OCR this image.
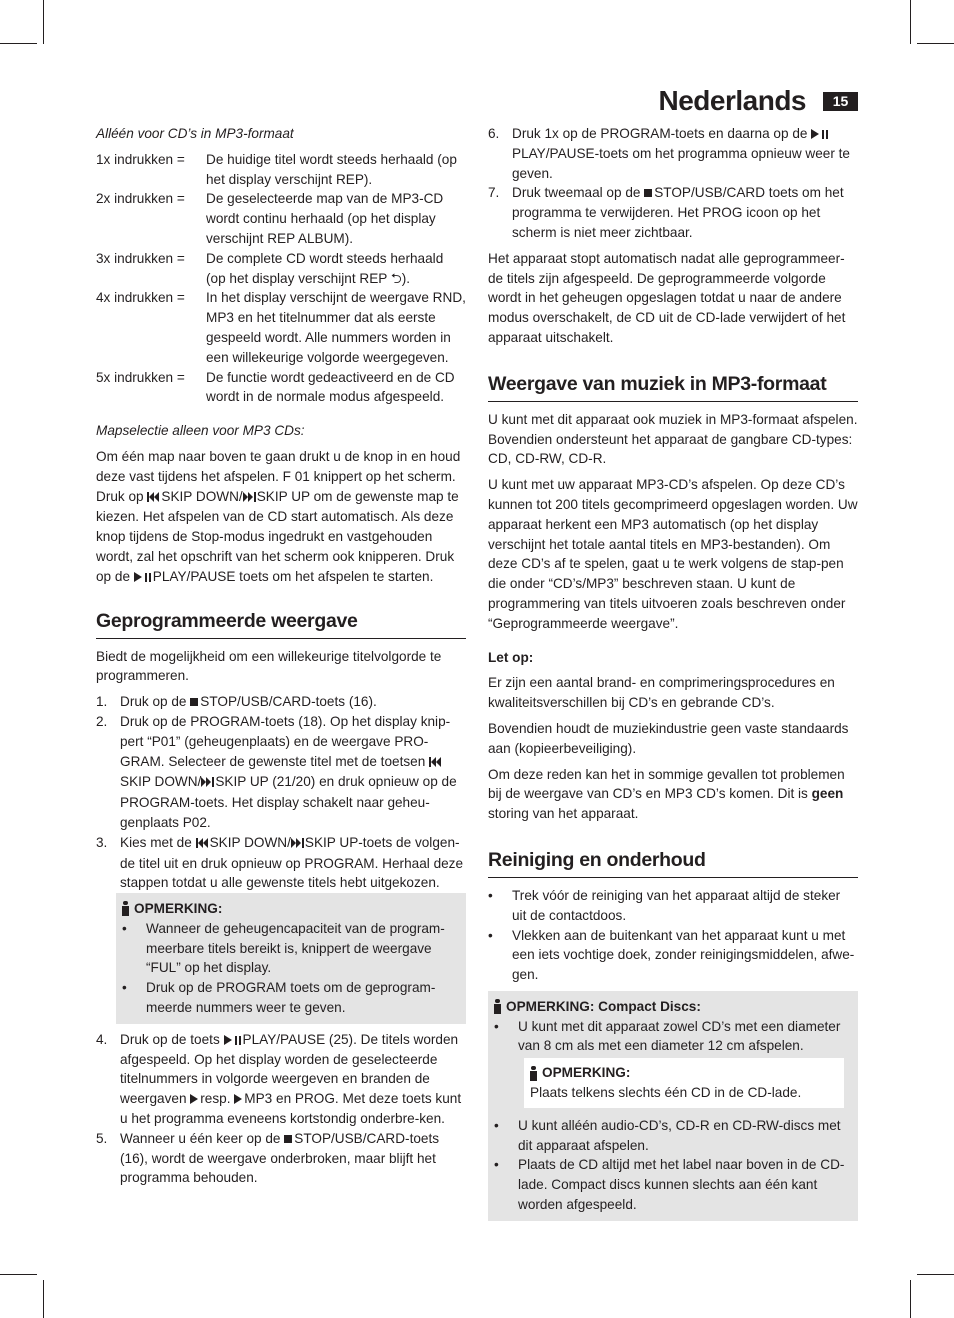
Nederlands	15

Alléén voor CD’s in MP3-formaat

1x indrukken =	De huidige titel wordt steeds herhaald (op het display verschijnt REP).
2x indrukken =	De geselecteerde map van de MP3-CD wordt continu herhaald (op het display verschijnt REP ALBUM).
3x indrukken =	De complete CD wordt steeds herhaald (op het display verschijnt REP ⮌).
4x indrukken =	In het display verschijnt de weergave RND, MP3 en het titelnummer dat als eerste gespeeld wordt. Alle nummers worden in een willekeurige volgorde weergegeven.
5x indrukken =	De functie wordt gedeactiveerd en de CD wordt in de normale modus afgespeeld.

Mapselectie alleen voor MP3 CDs:

Om één map naar boven te gaan drukt u de knop in en houd deze vast tijdens het afspelen. F 01 knippert op het scherm. Druk op SKIP DOWN/ SKIP UP om de gewenste map te kiezen. Het afspelen van de CD start automatisch. Als deze knop tijdens de Stop-modus ingedrukt en vastgehouden wordt, zal het opschrift van het scherm ook knipperen. Druk op de PLAY/PAUSE toets om het afspelen te starten.

Geprogrammeerde weergave

Biedt de mogelijkheid om een willekeurige titelvolgorde te programmeren.

1. Druk op de STOP/USB/CARD-toets (16).
2. Druk op de PROGRAM-toets (18). Op het display knip-pert “P01” (geheugenplaats) en de weergave PRO-GRAM. Selecteer de gewenste titel met de toetsen SKIP DOWN/ SKIP UP (21/20) en druk opnieuw op de PROGRAM-toets. Het display schakelt naar geheu-genplaats P02.
3. Kies met de SKIP DOWN/ SKIP UP-toets de volgen-de titel uit en druk opnieuw op PROGRAM. Herhaal deze stappen totdat u alle gewenste titels hebt uitgekozen.
OPMERKING:
•	Wanneer de geheugencapaciteit van de program-meerbare titels bereikt is, knippert de weergave “FUL” op het display.
•	Druk op de PROGRAM toets om de geprogram-meerde nummers weer te geven.
4. Druk op de toets PLAY/PAUSE (25). De titels worden afgespeeld. Op het display worden de geselecteerde titelnummers in volgorde weergeven en branden de weergaven resp. MP3 en PROG. Met deze toets kunt u het programma eveneens kortstondig onderbre-ken.
5. Wanneer u één keer op de STOP/USB/CARD-toets (16), wordt de weergave onderbroken, maar blijft het programma behouden.
6. Druk 1x op de PROGRAM-toets en daarna op de PLAY/PAUSE-toets om het programma opnieuw weer te geven.
7. Druk tweemaal op de STOP/USB/CARD toets om het programma te verwijderen. Het PROG icoon op het scherm is niet meer zichtbaar.

Het apparaat stopt automatisch nadat alle geprogrammeer-de titels zijn afgespeeld. De geprogrammeerde volgorde wordt in het geheugen opgeslagen totdat u naar de andere modus overschakelt, de CD uit de CD-lade verwijdert of het apparaat uitschakelt.

Weergave van muziek in MP3-formaat

U kunt met dit apparaat ook muziek in MP3-formaat afspelen. Bovendien ondersteunt het apparaat de gangbare CD-types: CD, CD-RW, CD-R.

U kunt met uw apparaat MP3-CD’s afspelen. Op deze CD’s kunnen tot 200 titels gecomprimeerd opgeslagen worden. Uw apparaat herkent een MP3 automatisch (op het display verschijnt het totale aantal titels en MP3-bestanden). Om deze CD’s af te spelen, gaat u te werk volgens de stap-pen die onder “CD’s/MP3” beschreven staan. U kunt de programmering van titels uitvoeren zoals beschreven onder “Geprogrammeerde weergave”.

Let op:

Er zijn een aantal brand- en comprimeringsprocedures en kwaliteitsverschillen bij CD’s en gebrande CD’s.

Bovendien houdt de muziekindustrie geen vaste standaards aan (kopieerbeveiliging).

Om deze reden kan het in sommige gevallen tot problemen bij de weergave van CD’s en MP3 CD’s komen. Dit is geen storing van het apparaat.

Reiniging en onderhoud
•	Trek vóór de reiniging van het apparaat altijd de steker uit de contactdoos.
•	Vlekken aan de buitenkant van het apparaat kunt u met een iets vochtige doek, zonder reinigingsmiddelen, afwe-gen.
OPMERKING: Compact Discs:
•	U kunt met dit apparaat zowel CD’s met een diameter van 8 cm als met een diameter 12 cm afspelen.
OPMERKING:
Plaats telkens slechts één CD in de CD-lade.
•	U kunt alléén audio-CD’s, CD-R en CD-RW-discs met dit apparaat afspelen.
•	Plaats de CD altijd met het label naar boven in de CD-lade. Compact discs kunnen slechts aan één kant worden afgespeeld.
